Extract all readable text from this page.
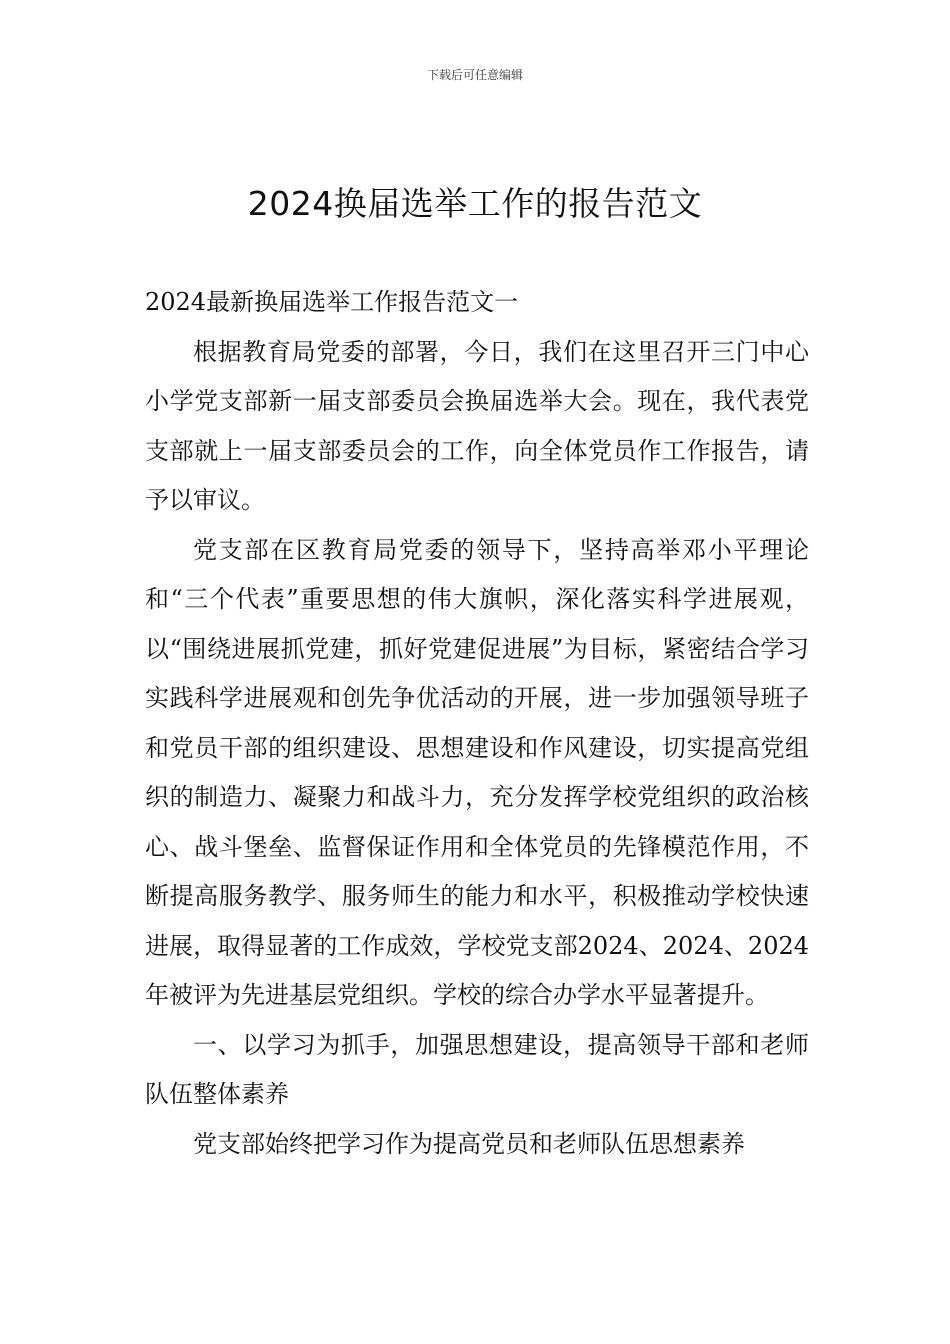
下载后可任意编辑
2024换届选举工作的报告范文

2024最新换届选举工作报告范文一

根据教育局党委的部署，今日，我们在这里召开三门中心小学党支部新一届支部委员会换届选举大会。现在，我代表党支部就上一届支部委员会的工作，向全体党员作工作报告，请予以审议。

党支部在区教育局党委的领导下，坚持高举邓小平理论和“三个代表”重要思想的伟大旗帜，深化落实科学进展观，以“围绕进展抓党建，抓好党建促进展”为目标，紧密结合学习实践科学进展观和创先争优活动的开展，进一步加强领导班子和党员干部的组织建设、思想建设和作风建设，切实提高党组织的制造力、凝聚力和战斗力，充分发挥学校党组织的政治核心、战斗堡垒、监督保证作用和全体党员的先锋模范作用，不断提高服务教学、服务师生的能力和水平，积极推动学校快速进展，取得显著的工作成效，学校党支部2024、2024、2024年被评为先进基层党组织。学校的综合办学水平显著提升。

一、以学习为抓手，加强思想建设，提高领导干部和老师队伍整体素养

党支部始终把学习作为提高党员和老师队伍思想素养
